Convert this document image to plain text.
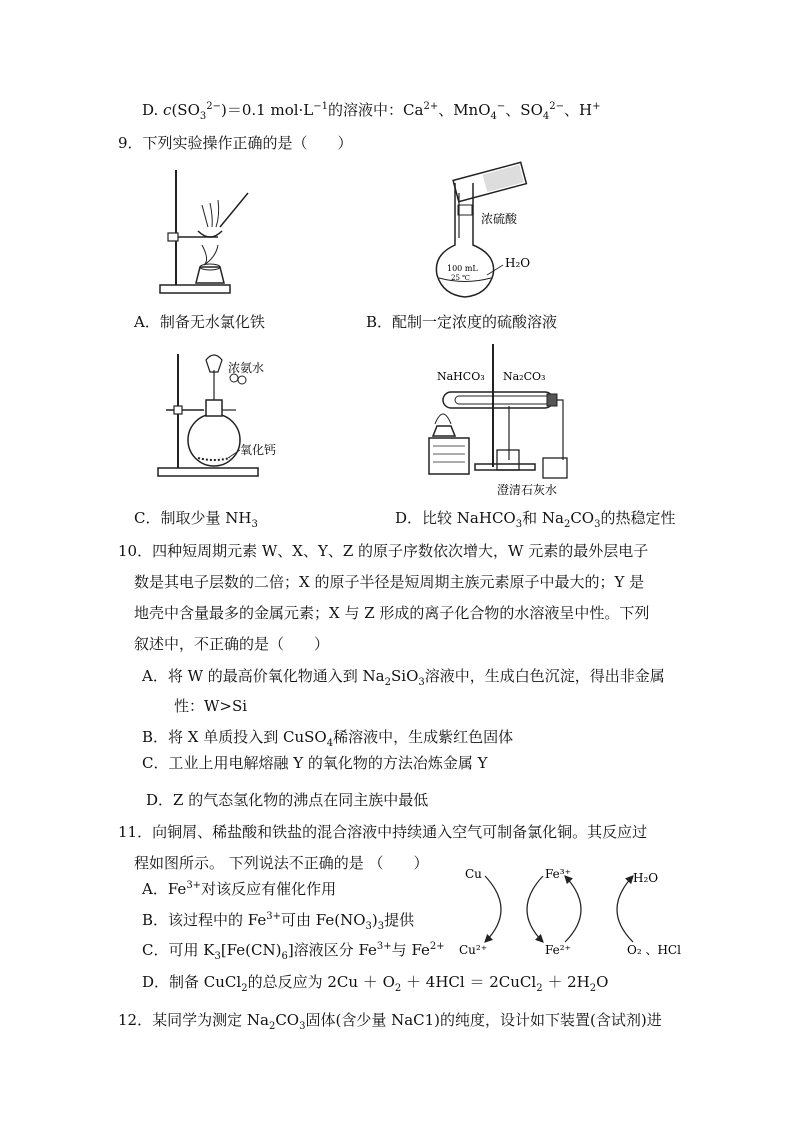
D. $c(SO_3^{2-})=0.1$ $mol\cdot L^{-1}$的溶液中：$Ca^{2+}$、MnO$_4$−、$SO_4^{2-}$、H+
9．下列实验操作正确的是（　　）
浓硫酸
100 mL
25 ℃
H₂O
A．制备无水氯化铁	B．配制一定浓度的硫酸溶液
浓氨水
氧化钙
NaHCO₃ Na₂CO₃
澄清石灰水
C．制取少量 $NH_3$	D．比较 NaHCO$_3$和 $Na_2CO_3$的热稳定性
10．四种短周期元素 W、X、Y、Z 的原子序数依次增大，W 元素的最外层电子
数是其电子层数的二倍；X 的原子半径是短周期主族元素原子中最大的；Y 是
地壳中含量最多的金属元素；X 与 Z 形成的离子化合物的水溶液呈中性。下列
叙述中，不正确的是（　　）
A．将 W 的最高价氧化物通入到 $Na_2SiO_3$溶液中，生成白色沉淀，得出非金属
性：W>Si
B．将 X 单质投入到 CuSO$_4$稀溶液中，生成紫红色固体
C．工业上用电解熔融 Y 的氧化物的方法冶炼金属 Y
D．Z 的气态氢化物的沸点在同主族中最低
11．向铜屑、稀盐酸和铁盐的混合溶液中持续通入空气可制备氯化铜。其反应过
程如图所示。 下列说法不正确的是 （　　）
A．$Fe^{3+}$对该反应有催化作用
B．该过程中的 $Fe^{3+}$可由 $Fe(NO_3)_3$提供
C．可用 $K_3[Fe(CN)_6]$溶液区分 $Fe^{3+}$与 $Fe^{2+}$
D．制备 CuCl$_2$的总反应为 $2Cu + O_2 + 4HCl$ ＝ 2CuCl$_2$ ＋ $2H_2O$
Cu	Fe³⁺	H₂O
Cu²⁺	Fe²⁺	O₂ 、HCl
12．某同学为测定 $Na_2CO_3$固体(含少量 NaC1)的纯度，设计如下装置(含试剂)进
